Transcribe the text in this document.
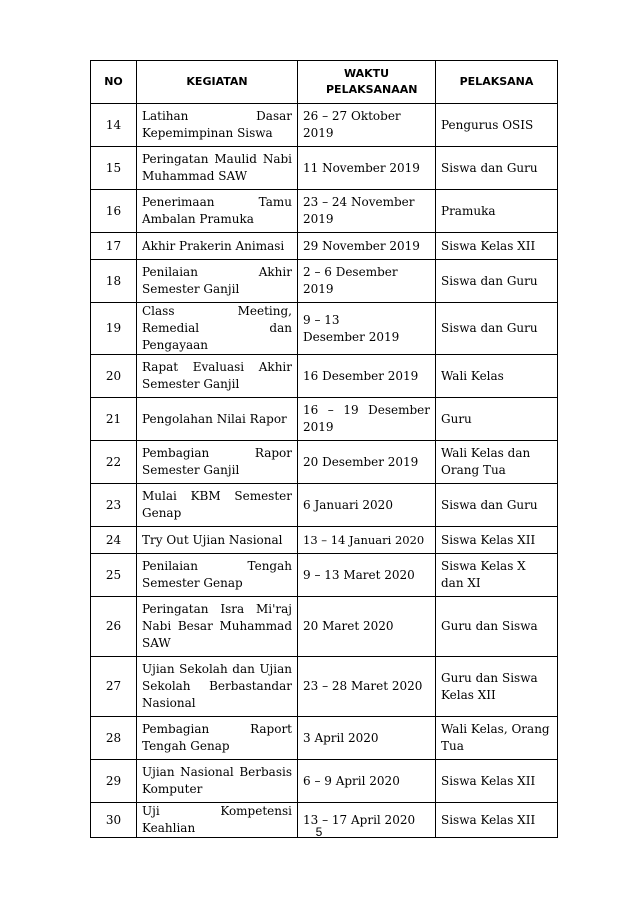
NO	KEGIATAN	WAKTU PELAKSANAAN	PELAKSANA
14	Latihan Dasar Kepemimpinan Siswa	26 – 27 Oktober 2019	Pengurus OSIS
15	Peringatan Maulid Nabi Muhammad SAW	11 November 2019	Siswa dan Guru
16	Penerimaan Tamu Ambalan Pramuka	23 – 24 November 2019	Pramuka
17	Akhir Prakerin Animasi	29 November 2019	Siswa Kelas XII
18	Penilaian Akhir Semester Ganjil	2 – 6 Desember 2019	Siswa dan Guru
19	Class Meeting, Remedial dan Pengayaan	9 – 13 Desember 2019	Siswa dan Guru
20	Rapat Evaluasi Akhir Semester Ganjil	16 Desember 2019	Wali Kelas
21	Pengolahan Nilai Rapor	16 – 19 Desember 2019	Guru
22	Pembagian Rapor Semester Ganjil	20 Desember 2019	Wali Kelas dan Orang Tua
23	Mulai KBM Semester Genap	6 Januari 2020	Siswa dan Guru
24	Try Out Ujian Nasional	13 – 14 Januari 2020	Siswa Kelas XII
25	Penilaian Tengah Semester Genap	9 – 13 Maret 2020	Siswa Kelas X dan XI
26	Peringatan Isra Mi'raj Nabi Besar Muhammad SAW	20 Maret 2020	Guru dan Siswa
27	Ujian Sekolah dan Ujian Sekolah Berbastandar Nasional	23 – 28 Maret 2020	Guru dan Siswa Kelas XII
28	Pembagian Raport Tengah Genap	3 April 2020	Wali Kelas, Orang Tua
29	Ujian Nasional Berbasis Komputer	6 – 9 April 2020	Siswa Kelas XII
30	Uji Kompetensi Keahlian	13 – 17 April 2020	Siswa Kelas XII
5
